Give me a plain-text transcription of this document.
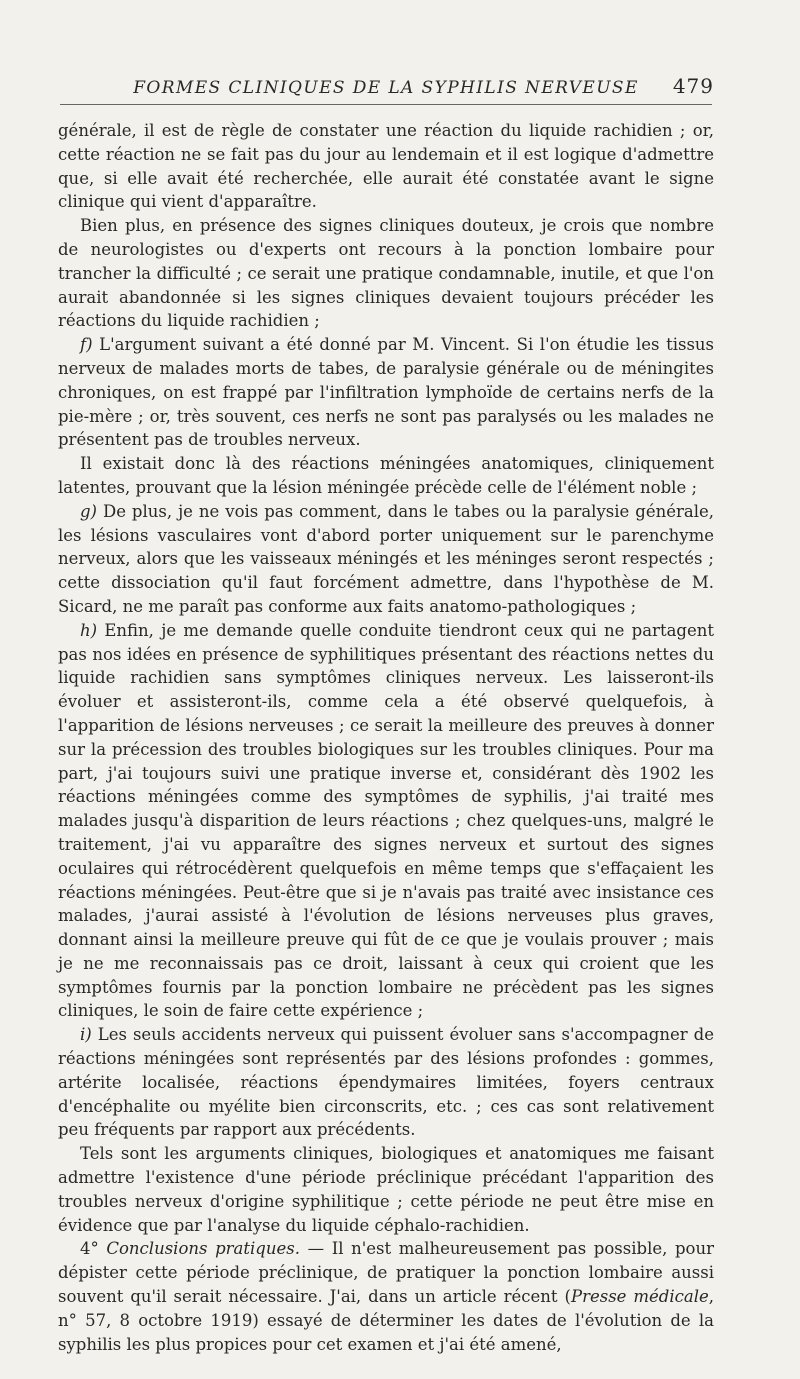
FORMES CLINIQUES DE LA SYPHILIS NERVEUSE	479

générale, il est de règle de constater une réaction du liquide rachidien ; or, cette réaction ne se fait pas du jour au lendemain et il est logique d'admettre que, si elle avait été recherchée, elle aurait été constatée avant le signe clinique qui vient d'apparaître.

Bien plus, en présence des signes cliniques douteux, je crois que nombre de neurologistes ou d'experts ont recours à la ponction lombaire pour trancher la difficulté ; ce serait une pratique condamnable, inutile, et que l'on aurait abandonnée si les signes cliniques devaient toujours précéder les réactions du liquide rachidien ;

f) L'argument suivant a été donné par M. Vincent. Si l'on étudie les tissus nerveux de malades morts de tabes, de paralysie générale ou de méningites chroniques, on est frappé par l'infiltration lymphoïde de certains nerfs de la pie-mère ; or, très souvent, ces nerfs ne sont pas paralysés ou les malades ne présentent pas de troubles nerveux.

Il existait donc là des réactions méningées anatomiques, cliniquement latentes, prouvant que la lésion méningée précède celle de l'élément noble ;

g) De plus, je ne vois pas comment, dans le tabes ou la paralysie générale, les lésions vasculaires vont d'abord porter uniquement sur le parenchyme nerveux, alors que les vaisseaux méningés et les méninges seront respectés ; cette dissociation qu'il faut forcément admettre, dans l'hypothèse de M. Sicard, ne me paraît pas conforme aux faits anatomo-pathologiques ;

h) Enfin, je me demande quelle conduite tiendront ceux qui ne partagent pas nos idées en présence de syphilitiques présentant des réactions nettes du liquide rachidien sans symptômes cliniques nerveux. Les laisseront-ils évoluer et assisteront-ils, comme cela a été observé quelquefois, à l'apparition de lésions nerveuses ; ce serait la meilleure des preuves à donner sur la précession des troubles biologiques sur les troubles cliniques. Pour ma part, j'ai toujours suivi une pratique inverse et, considérant dès 1902 les réactions méningées comme des symptômes de syphilis, j'ai traité mes malades jusqu'à disparition de leurs réactions ; chez quelques-uns, malgré le traitement, j'ai vu apparaître des signes nerveux et surtout des signes oculaires qui rétrocédèrent quelquefois en même temps que s'effaçaient les réactions méningées. Peut-être que si je n'avais pas traité avec insistance ces malades, j'aurai assisté à l'évolution de lésions nerveuses plus graves, donnant ainsi la meilleure preuve qui fût de ce que je voulais prouver ; mais je ne me reconnaissais pas ce droit, laissant à ceux qui croient que les symptômes fournis par la ponction lombaire ne précèdent pas les signes cliniques, le soin de faire cette expérience ;

i) Les seuls accidents nerveux qui puissent évoluer sans s'accompagner de réactions méningées sont représentés par des lésions profondes : gommes, artérite localisée, réactions épendymaires limitées, foyers centraux d'encéphalite ou myélite bien circonscrits, etc. ; ces cas sont relativement peu fréquents par rapport aux précédents.

Tels sont les arguments cliniques, biologiques et anatomiques me faisant admettre l'existence d'une période préclinique précédant l'apparition des troubles nerveux d'origine syphilitique ; cette période ne peut être mise en évidence que par l'analyse du liquide céphalo-rachidien.

4° Conclusions pratiques. — Il n'est malheureusement pas possible, pour dépister cette période préclinique, de pratiquer la ponction lombaire aussi souvent qu'il serait nécessaire. J'ai, dans un article récent (Presse médicale, n° 57, 8 octobre 1919) essayé de déterminer les dates de l'évolution de la syphilis les plus propices pour cet examen et j'ai été amené,
